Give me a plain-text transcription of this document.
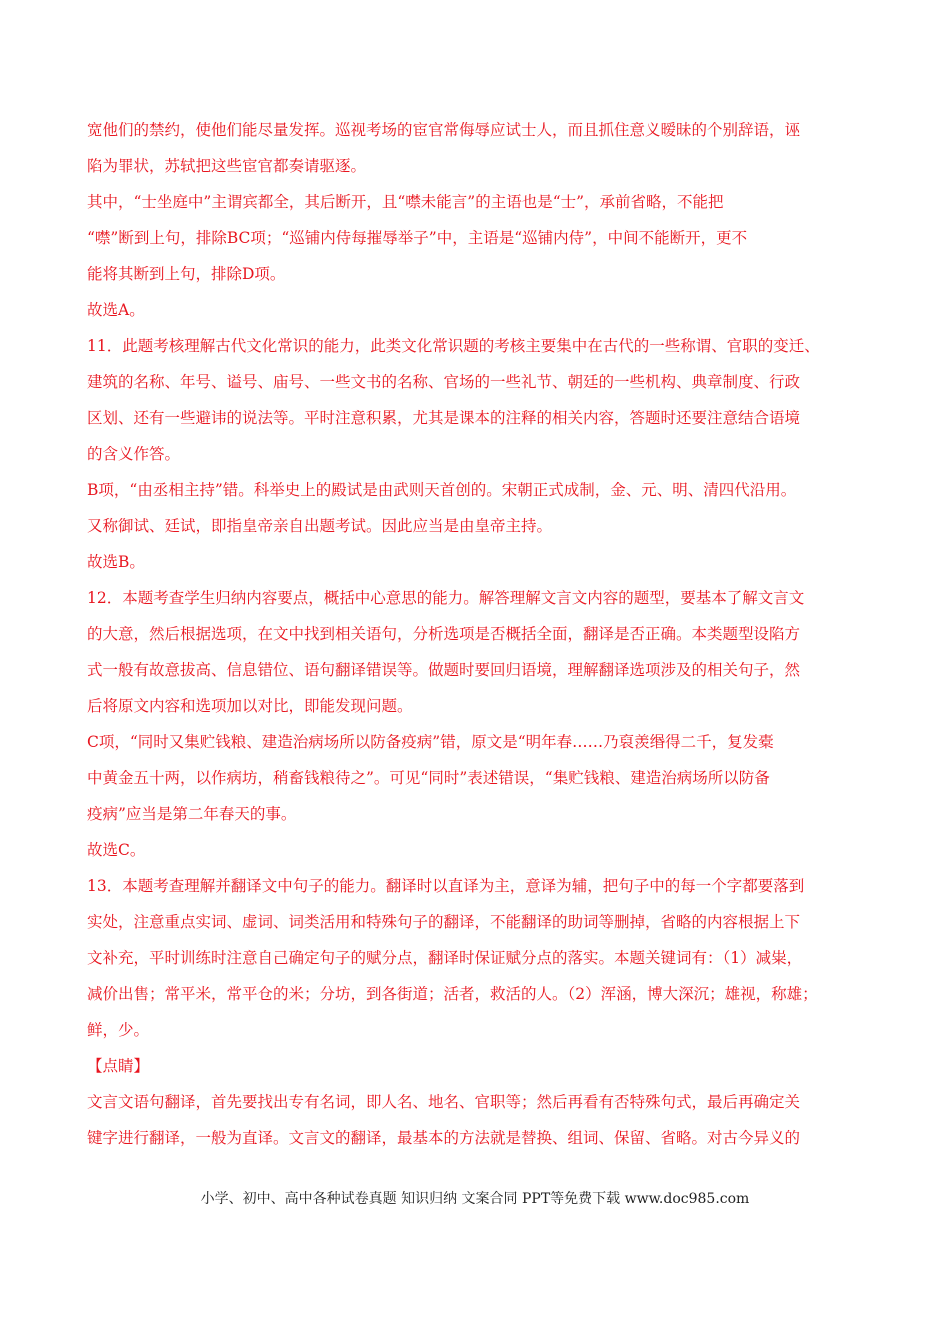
宽他们的禁约，使他们能尽量发挥。巡视考场的宦官常侮辱应试士人，而且抓住意义暧昧的个别辞语，诬
陷为罪状，苏轼把这些宦官都奏请驱逐。
其中，“士坐庭中”主谓宾都全，其后断开，且“噤未能言”的主语也是“士”，承前省略，不能把
“噤”断到上句，排除BC项；“巡铺内侍每摧辱举子”中，主语是“巡铺内侍”，中间不能断开，更不
能将其断到上句，排除D项。
故选A。
11．此题考核理解古代文化常识的能力，此类文化常识题的考核主要集中在古代的一些称谓、官职的变迁、
建筑的名称、年号、谥号、庙号、一些文书的名称、官场的一些礼节、朝廷的一些机构、典章制度、行政
区划、还有一些避讳的说法等。平时注意积累，尤其是课本的注释的相关内容，答题时还要注意结合语境
的含义作答。
B项，“由丞相主持”错。科举史上的殿试是由武则天首创的。宋朝正式成制，金、元、明、清四代沿用。
又称御试、廷试，即指皇帝亲自出题考试。因此应当是由皇帝主持。
故选B。
12．本题考查学生归纳内容要点，概括中心意思的能力。解答理解文言文内容的题型，要基本了解文言文
的大意，然后根据选项，在文中找到相关语句，分析选项是否概括全面，翻译是否正确。本类题型设陷方
式一般有故意拔高、信息错位、语句翻译错误等。做题时要回归语境，理解翻译选项涉及的相关句子，然
后将原文内容和选项加以对比，即能发现问题。
C项，“同时又集贮钱粮、建造治病场所以防备疫病”错，原文是“明年春……乃裒羡缗得二千，复发橐
中黄金五十两，以作病坊，稍畜钱粮待之”。可见“同时”表述错误，“集贮钱粮、建造治病场所以防备
疫病”应当是第二年春天的事。
故选C。
13．本题考查理解并翻译文中句子的能力。翻译时以直译为主，意译为辅，把句子中的每一个字都要落到
实处，注意重点实词、虚词、词类活用和特殊句子的翻译，不能翻译的助词等删掉，省略的内容根据上下
文补充，平时训练时注意自己确定句子的赋分点，翻译时保证赋分点的落实。本题关键词有：（1）减粜，
减价出售；常平米，常平仓的米；分坊，到各街道；活者，救活的人。（2）浑涵，博大深沉；雄视，称雄；
鲜，少。
【点睛】
文言文语句翻译，首先要找出专有名词，即人名、地名、官职等；然后再看有否特殊句式，最后再确定关
键字进行翻译，一般为直译。文言文的翻译，最基本的方法就是替换、组词、保留、省略。对古今异义的
小学、初中、高中各种试卷真题 知识归纳 文案合同 PPT等免费下载 www.doc985.com
